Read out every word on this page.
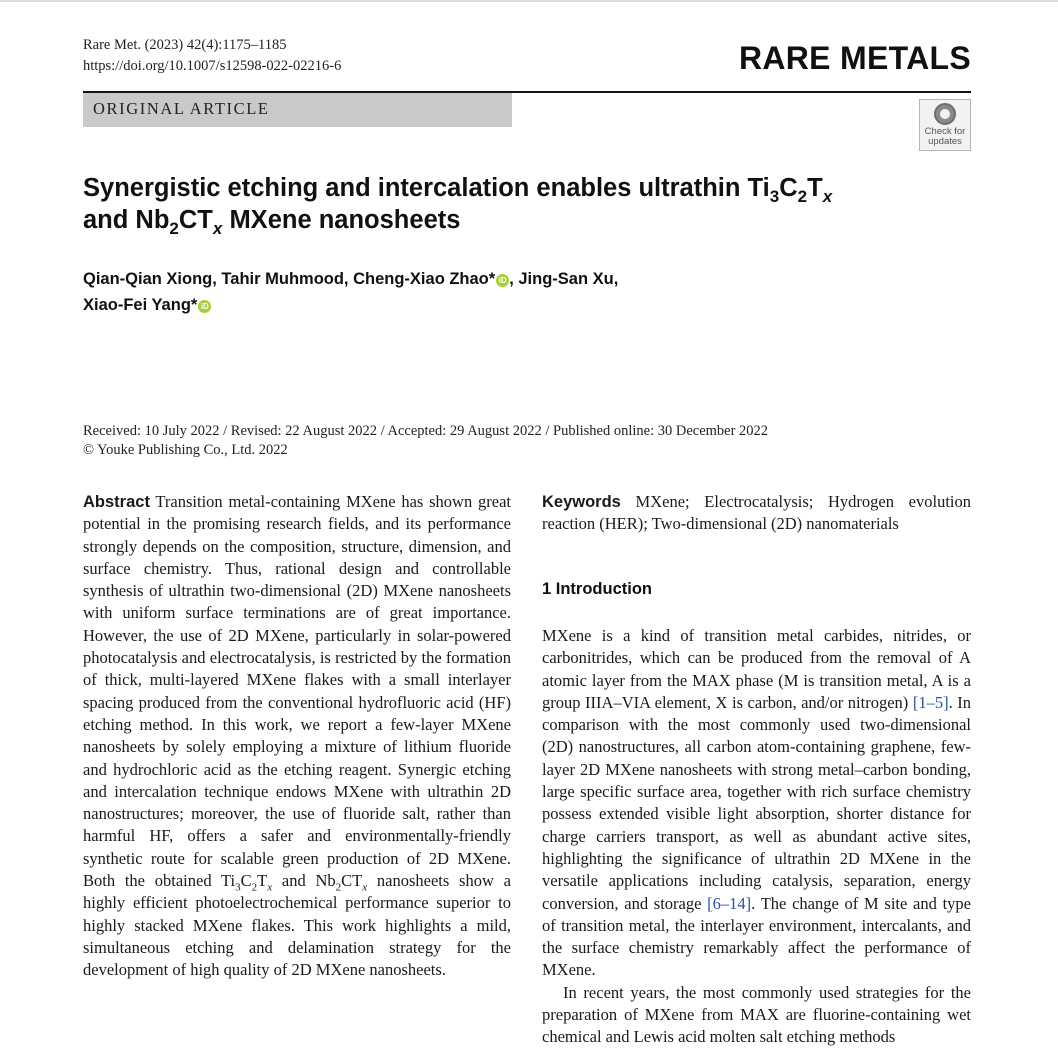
Rare Met. (2023) 42(4):1175–1185
https://doi.org/10.1007/s12598-022-02216-6	RARE METALS
ORIGINAL ARTICLE
Check for updates
Synergistic etching and intercalation enables ultrathin $Ti_3C_2T_x$
and $Nb_2CT_x$ MXene nanosheets
Qian-Qian Xiong, Tahir Muhmood, Cheng-Xiao Zhao* iD , Jing-San Xu,
Xiao-Fei Yang* iD
Received: 10 July 2022 / Revised: 22 August 2022 / Accepted: 29 August 2022 / Published online: 30 December 2022
© Youke Publishing Co., Ltd. 2022

Abstract Transition metal-containing MXene has shown great potential in the promising research fields, and its performance strongly depends on the composition, structure, dimension, and surface chemistry. Thus, rational design and controllable synthesis of ultrathin two-dimensional (2D) MXene nanosheets with uniform surface terminations are of great importance. However, the use of 2D MXene, particularly in solar-powered photocatalysis and electrocatalysis, is restricted by the formation of thick, multi-layered MXene flakes with a small interlayer spacing produced from the conventional hydrofluoric acid (HF) etching method. In this work, we report a few-layer MXene nanosheets by solely employing a mixture of lithium fluoride and hydrochloric acid as the etching reagent. Synergic etching and intercalation technique endows MXene with ultrathin 2D nanostructures; moreover, the use of fluoride salt, rather than harmful HF, offers a safer and environmentally-friendly synthetic route for scalable green production of 2D MXene. Both the obtained $Ti_3C_2T_x$ and $Nb_2CT_x$ nanosheets show a highly efficient photoelectrochemical performance superior to highly stacked MXene flakes. This work highlights a mild, simultaneous etching and delamination strategy for the development of high quality of 2D MXene nanosheets.

Keywords MXene; Electrocatalysis; Hydrogen evolution reaction (HER); Two-dimensional (2D) nanomaterials

1 Introduction

MXene is a kind of transition metal carbides, nitrides, or carbonitrides, which can be produced from the removal of A atomic layer from the MAX phase (M is transition metal, A is a group IIIA–VIA element, X is carbon, and/or nitrogen) [1–5]. In comparison with the most commonly used two-dimensional (2D) nanostructures, all carbon atom-containing graphene, few-layer 2D MXene nanosheets with strong metal–carbon bonding, large specific surface area, together with rich surface chemistry possess extended visible light absorption, shorter distance for charge carriers transport, as well as abundant active sites, highlighting the significance of ultrathin 2D MXene in the versatile applications including catalysis, separation, energy conversion, and storage [6–14]. The change of M site and type of transition metal, the interlayer environment, intercalants, and the surface chemistry remarkably affect the performance of MXene.

In recent years, the most commonly used strategies for the preparation of MXene from MAX are fluorine-containing wet chemical and Lewis acid molten salt etching methods
